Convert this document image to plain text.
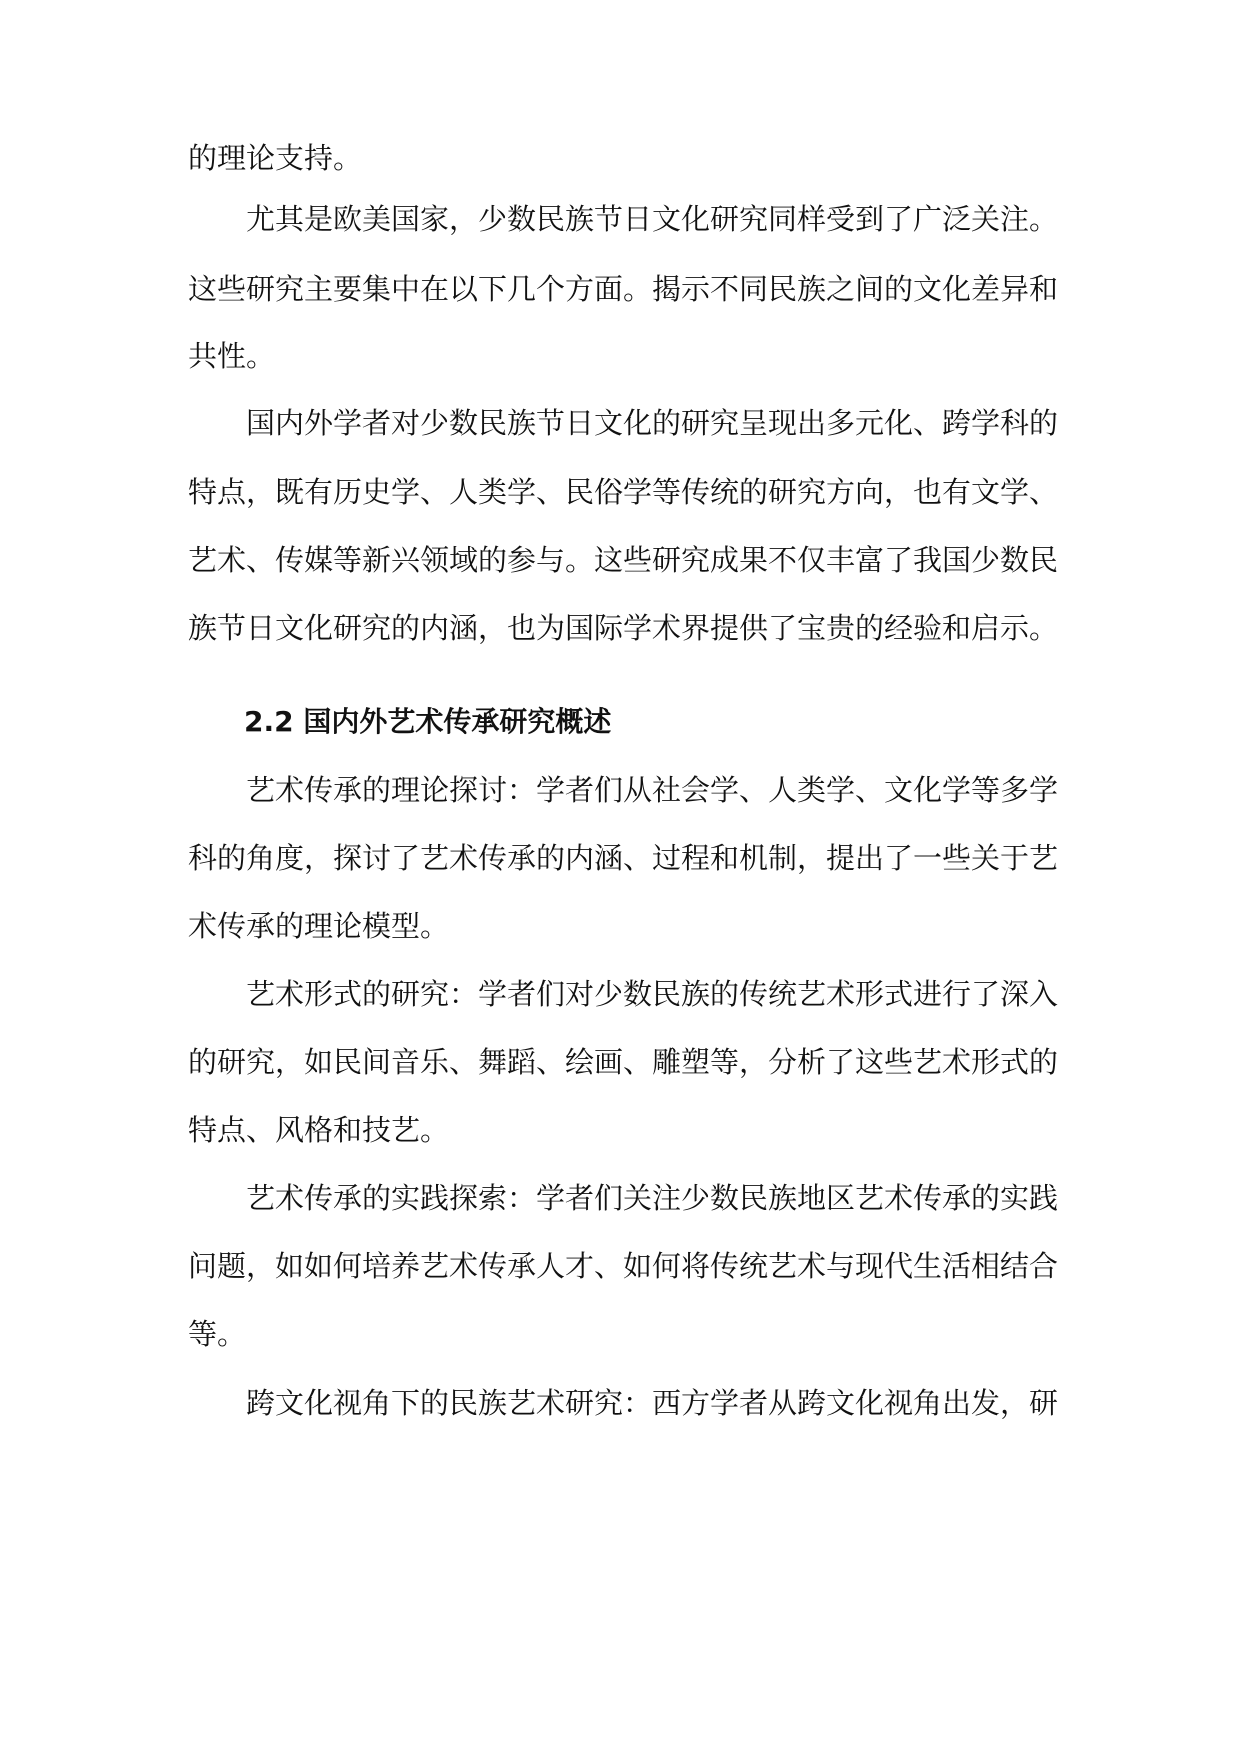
的理论支持。
尤其是欧美国家，少数民族节日文化研究同样受到了广泛关注。
这些研究主要集中在以下几个方面。揭示不同民族之间的文化差异和
共性。
国内外学者对少数民族节日文化的研究呈现出多元化、跨学科的
特点，既有历史学、人类学、民俗学等传统的研究方向，也有文学、
艺术、传媒等新兴领域的参与。这些研究成果不仅丰富了我国少数民
族节日文化研究的内涵，也为国际学术界提供了宝贵的经验和启示。
2.2 国内外艺术传承研究概述
艺术传承的理论探讨：学者们从社会学、人类学、文化学等多学
科的角度，探讨了艺术传承的内涵、过程和机制，提出了一些关于艺
术传承的理论模型。
艺术形式的研究：学者们对少数民族的传统艺术形式进行了深入
的研究，如民间音乐、舞蹈、绘画、雕塑等，分析了这些艺术形式的
特点、风格和技艺。
艺术传承的实践探索：学者们关注少数民族地区艺术传承的实践
问题，如如何培养艺术传承人才、如何将传统艺术与现代生活相结合
等。
跨文化视角下的民族艺术研究：西方学者从跨文化视角出发，研
